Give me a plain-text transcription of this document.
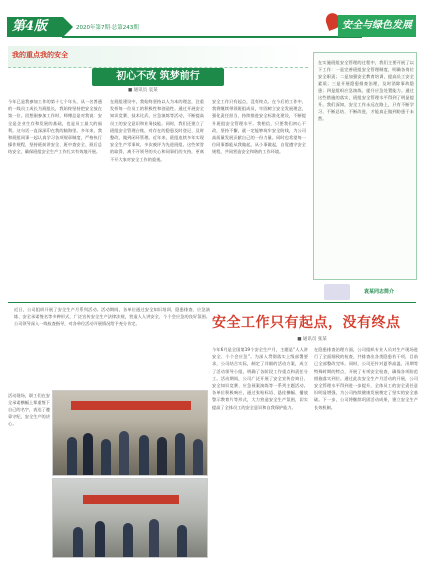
第4版	2020年第7期·总第243期	安全与绿色发展
我的重点我的安全
初心不改 筑梦前行
■ 通讯员 袁某
今年已是我参加工作的第十七个年头，从一名普通的一线员工成长为班组长，我始终坚持把安全放在第一位。回想刚参加工作时，师傅总是对我说：安全是企业生存和发展的基础，也是员工最大的福利。这句话一直深深印在我的脑海里。多年来，我和班组同事一起认真学习各项规章制度，严格执行操作规程，坚持班前讲安全、班中查安全、班后总结安全，确保班组安全生产工作扎实有效地开展。
在班组建设中，我始终坚持以人为本的理念，注重发挥每一位员工的积极性和创造性。通过开展安全知识竞赛、技术比武、应急演练等活动，不断提高员工的安全意识和业务技能。同时，我们还建立了班组安全管理台账，对存在的隐患及时登记、及时整改，做到闭环管理。近年来，班组连续多年实现安全生产零事故，多次被评为先进班组。这些荣誉的取得，离不开领导的关心和同事们的支持，更离不开大家对安全工作的重视。
安全工作只有起点，没有终点。在今后的工作中，我将继续带领班组成员，牢固树立安全发展理念，强化责任担当，持续推进安全标准化建设，不断提升班组安全管理水平。我相信，只要我们初心不改，坚持不懈，就一定能够筑牢安全防线，为公司高质量发展贡献自己的一份力量。同时也希望每一位同事都能从我做起，从小事做起，自觉遵守安全规程，共同营造安全和谐的工作环境。
在实施班组安全管理的过程中，我们主要开展了以下工作：一是完善班组安全管理制度，明确各岗位安全职责；二是加强安全教育培训，提高员工安全素质；三是开展隐患排查治理，及时消除事故隐患；四是组织应急演练，提升应急处置能力。通过这些措施的落实，班组安全管理水平得到了明显提升。我们深知，安全工作永远在路上，只有不断学习、不断总结、不断改进，才能真正做到防患于未然。
袁某同志简介
近日，公司组织开展了安全生产月系列活动。活动期间，各单位通过安全知识培训、隐患排查、应急演练、安全承诺签名等多种形式，广泛宣传安全生产法律法规，营造人人讲安全、个个会应急的良好氛围。公司领导深入一线检查指导，对各单位活动开展情况给予充分肯定。
活动现场，职工们在安全承诺横幅上郑重签下自己的名字，表达了遵章守纪、安全生产的决心。
安全工作只有起点，没有终点
■ 通讯员 张某
今年6月是全国第19个安全生产月，主题是“人人讲安全、个个会应急”。为深入贯彻落实上级部署要求，公司结合实际，制定了详细的活动方案，成立了活动领导小组，明确了各阶段工作重点和责任分工。活动期间，公司广泛开展了安全宣传咨询日、安全知识竞赛、应急预案演练等一系列主题活动。各单位积极响应，通过张贴标语、悬挂横幅、播放警示教育片等形式，大力营造安全生产氛围，切实提高了全体员工的安全意识和自我保护能力。
在隐患排查治理方面，公司组织专业人员对生产现场进行了全面细致的检查，共排查出各类隐患若干项，目前已全部整改完毕。同时，公司还针对夏季高温、汛期等特殊时期的特点，开展了专项安全检查，确保各项防范措施落实到位。通过此次安全生产月活动的开展，公司安全管理水平得到进一步提升，全体员工的安全责任意识明显增强，为公司持续健康发展奠定了坚实的安全基础。下一步，公司将继续巩固活动成果，建立安全生产长效机制。
